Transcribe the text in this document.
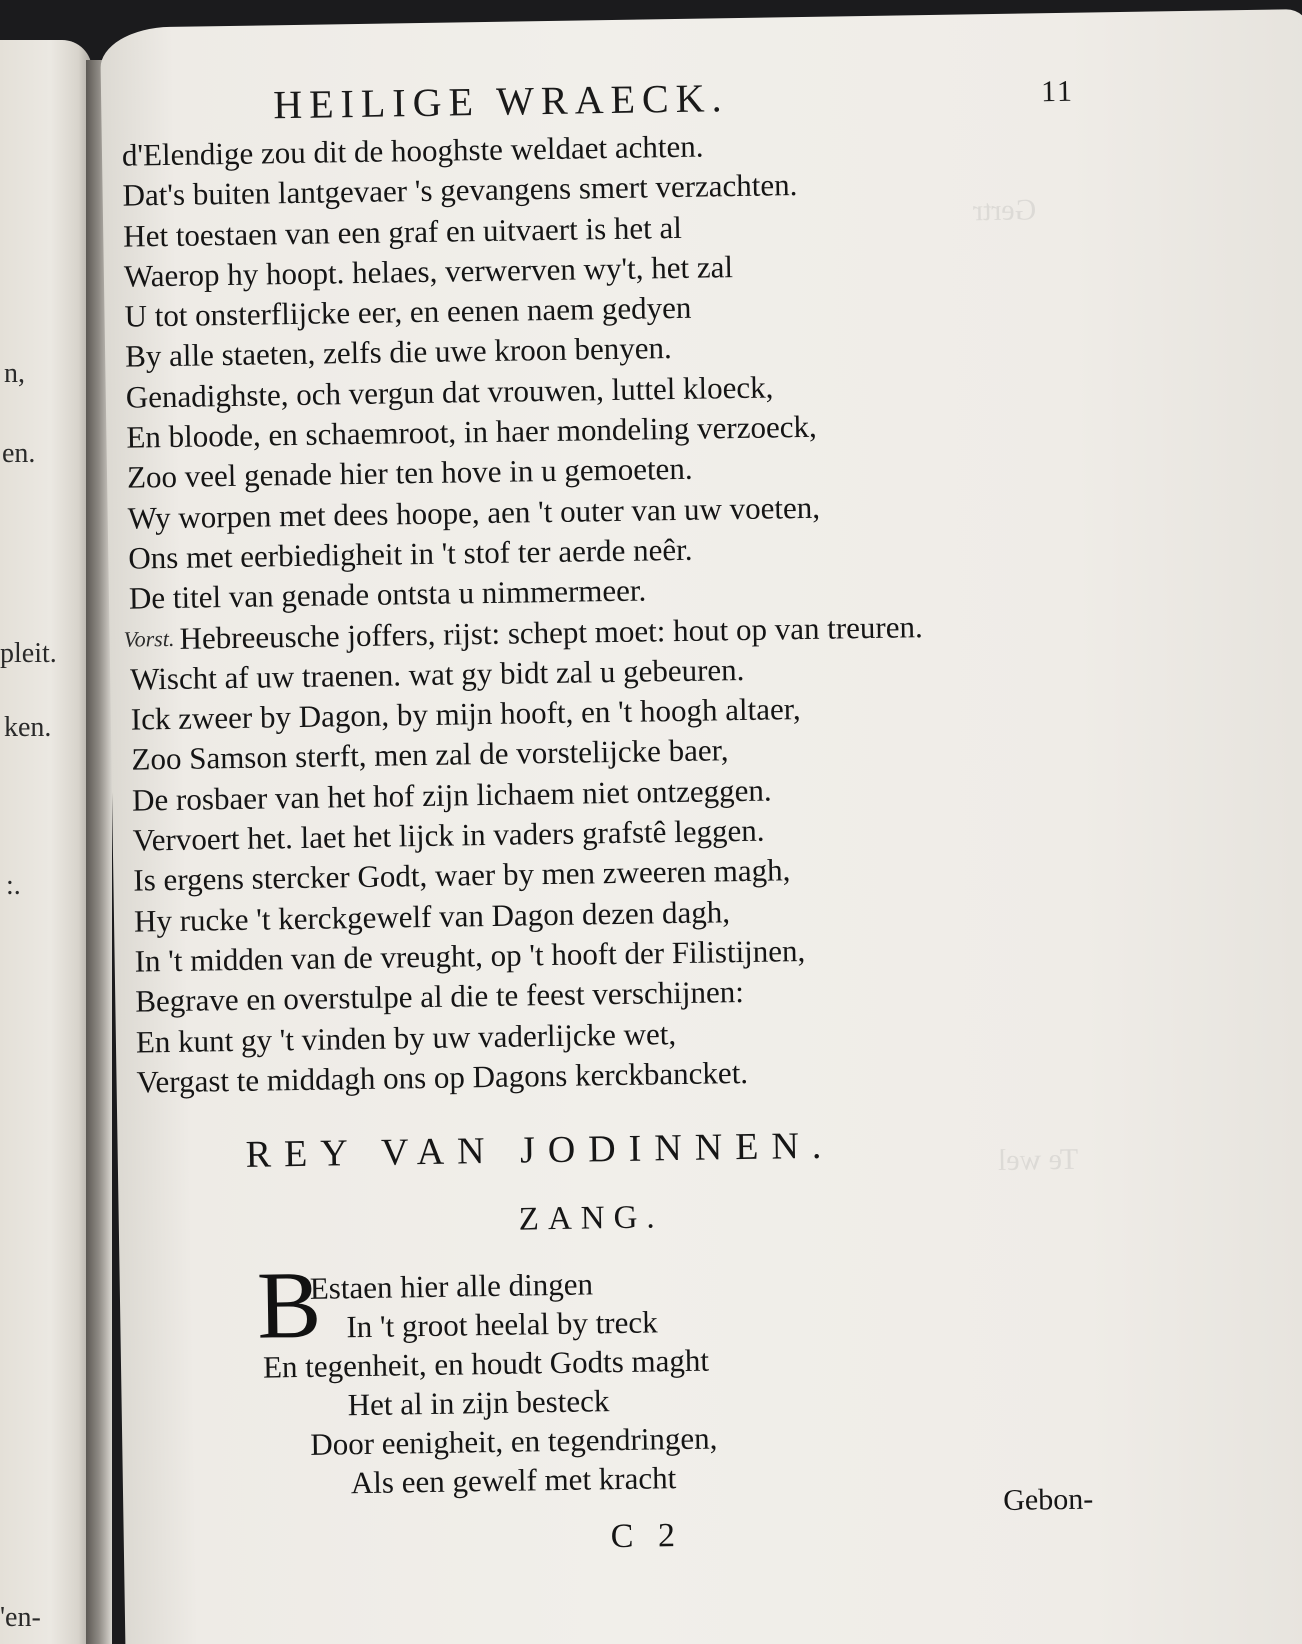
n,
en.
pleit.
ken.
:.
'en-
Gertr
Te wel
HEILIGE WRAECK.	11
d'Elendige zou dit de hooghste weldaet achten.
Dat's buiten lantgevaer 's gevangens smert verzachten.
Het toestaen van een graf en uitvaert is het al
Waerop hy hoopt. helaes, verwerven wy't, het zal
U tot onsterflijcke eer, en eenen naem gedyen
By alle staeten, zelfs die uwe kroon benyen.
Genadighste, och vergun dat vrouwen, luttel kloeck,
En bloode, en schaemroot, in haer mondeling verzoeck,
Zoo veel genade hier ten hove in u gemoeten.
Wy worpen met dees hoope, aen 't outer van uw voeten,
Ons met eerbiedigheit in 't stof ter aerde neêr.
De titel van genade ontsta u nimmermeer.
Vorst. Hebreeusche joffers, rijst: schept moet: hout op van treuren.
Wischt af uw traenen. wat gy bidt zal u gebeuren.
Ick zweer by Dagon, by mijn hooft, en 't hoogh altaer,
Zoo Samson sterft, men zal de vorstelijcke baer,
De rosbaer van het hof zijn lichaem niet ontzeggen.
Vervoert het. laet het lijck in vaders grafstê leggen.
Is ergens stercker Godt, waer by men zweeren magh,
Hy rucke 't kerckgewelf van Dagon dezen dagh,
In 't midden van de vreught, op 't hooft der Filistijnen,
Begrave en overstulpe al die te feest verschijnen:
En kunt gy 't vinden by uw vaderlijcke wet,
Vergast te middagh ons op Dagons kerckbancket.
REY VAN JODINNEN.
ZANG.
B
Estaen hier alle dingen
In 't groot heelal by treck
En tegenheit, en houdt Godts maght
Het al in zijn besteck
Door eenigheit, en tegendringen,
Als een gewelf met kracht
C 2
Gebon-
